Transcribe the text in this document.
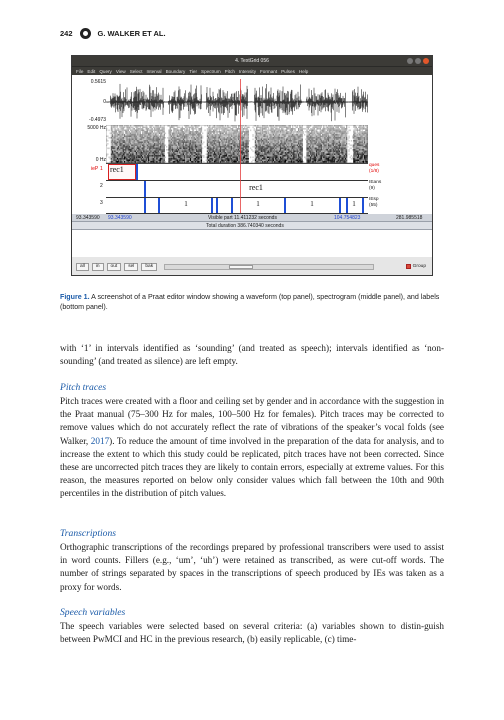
242	G. WALKER ET AL.
4. TextGrid 056
File Edit Query View Select Interval Boundary Tier Spectrum Pitch Intensity Formant Pulses Help
0.5615
0
-0.4973
5000 Hz
0 Hz
rec1
rec1
1	1	1	1
ieP 1
2
3
ques
(1/8)
IEans
(9)
IEsp
(55)
93.343590 93.343590	Visible part 11.411232 seconds	104.754823	281.985518
Total duration 386.740340 seconds
all	in	out	sel	bak	Group
Figure 1. A screenshot of a Praat editor window showing a waveform (top panel), spectrogram (middle panel), and labels (bottom panel).

with ‘1’ in intervals identified as ‘sounding’ (and treated as speech); intervals identified as ‘non-sounding’ (and treated as silence) are left empty.

Pitch traces

Pitch traces were created with a floor and ceiling set by gender and in accordance with the suggestion in the Praat manual (75–300 Hz for males, 100–500 Hz for females). Pitch traces may be corrected to remove values which do not accurately reflect the rate of vibrations of the speaker’s vocal folds (see Walker, 2017). To reduce the amount of time involved in the preparation of the data for analysis, and to increase the extent to which this study could be replicated, pitch traces have not been corrected. Since these are uncorrected pitch traces they are likely to contain errors, especially at extreme values. For this reason, the measures reported on below only consider values which fall between the 10th and 90th percentiles in the distribution of pitch values.

Transcriptions

Orthographic transcriptions of the recordings prepared by professional transcribers were used to assist in word counts. Fillers (e.g., ‘um’, ‘uh’) were retained as transcribed, as were cut-off words. The number of strings separated by spaces in the transcriptions of speech produced by IEs was taken as a proxy for words.

Speech variables

The speech variables were selected based on several criteria: (a) variables shown to distin-guish between PwMCI and HC in the previous research, (b) easily replicable, (c) time-
